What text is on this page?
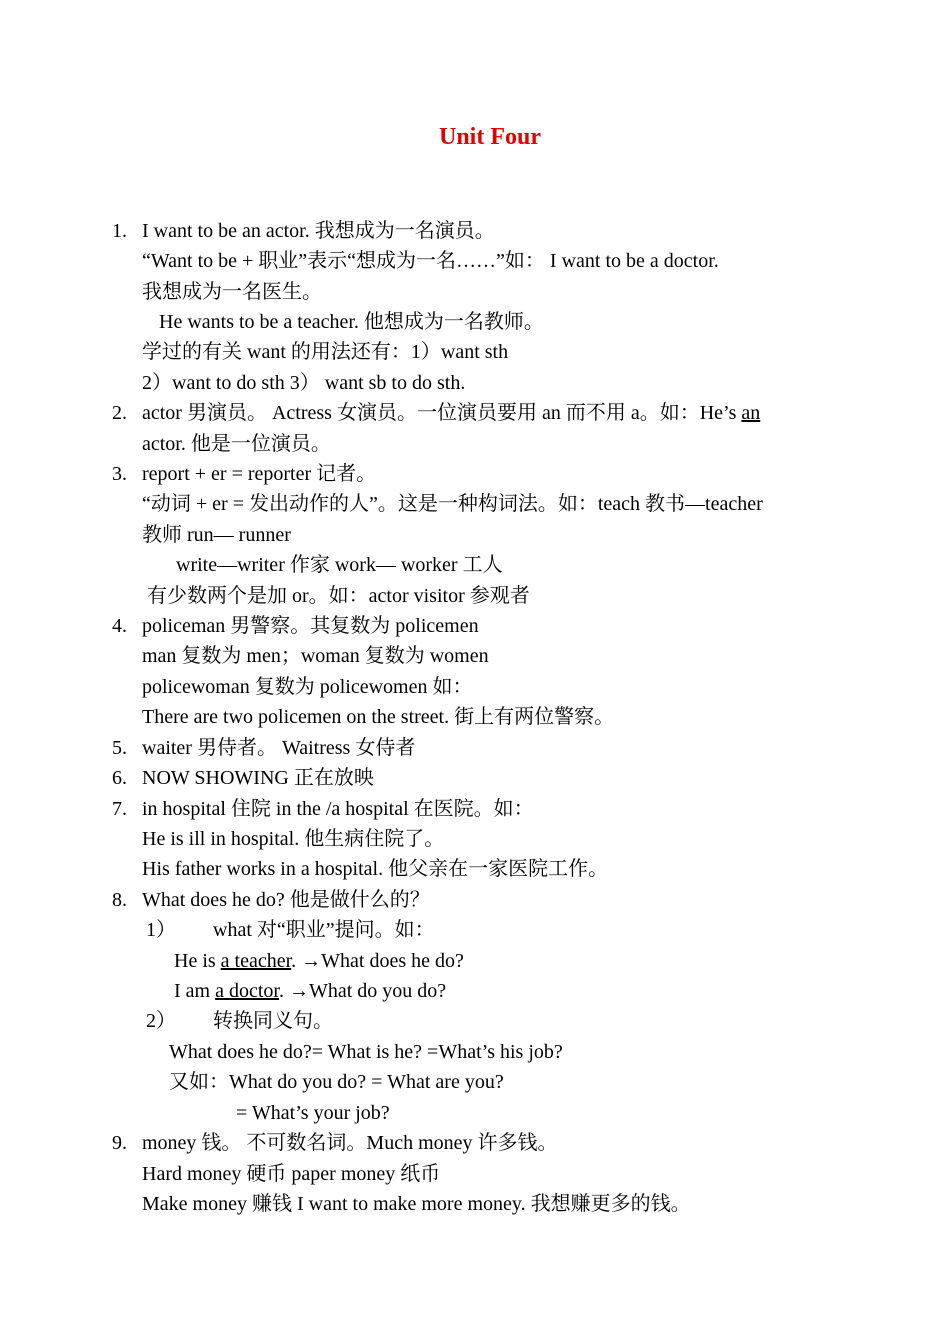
Unit Four
1. I want to be an actor. 我想成为一名演员。
“Want to be + 职业”表示“想成为一名……”如： I want to be a doctor.
我想成为一名医生。
He wants to be a teacher. 他想成为一名教师。
学过的有关 want 的用法还有：1）want sth
2）want to do sth 3） want sb to do sth.
2. actor 男演员。 Actress 女演员。一位演员要用 an 而不用 a。如：He’s an
actor. 他是一位演员。
3. report + er = reporter 记者。
“动词 + er = 发出动作的人”。这是一种构词法。如：teach 教书—teacher
教师 run— runner
write—writer 作家 work— worker 工人
有少数两个是加 or。如：actor visitor 参观者
4. policeman 男警察。其复数为 policemen
man 复数为 men；woman 复数为 women
policewoman 复数为 policewomen 如：
There are two policemen on the street. 街上有两位警察。
5. waiter 男侍者。 Waitress 女侍者
6. NOW SHOWING 正在放映
7. in hospital 住院 in the /a hospital 在医院。如：
He is ill in hospital. 他生病住院了。
His father works in a hospital. 他父亲在一家医院工作。
8. What does he do? 他是做什么的？
1） what 对“职业”提问。如：
He is a teacher. →What does he do?
I am a doctor. →What do you do?
2） 转换同义句。
What does he do?= What is he? =What’s his job?
又如：What do you do? = What are you?
= What’s your job?
9. money 钱。 不可数名词。Much money 许多钱。
Hard money 硬币 paper money 纸币
Make money 赚钱 I want to make more money. 我想赚更多的钱。
